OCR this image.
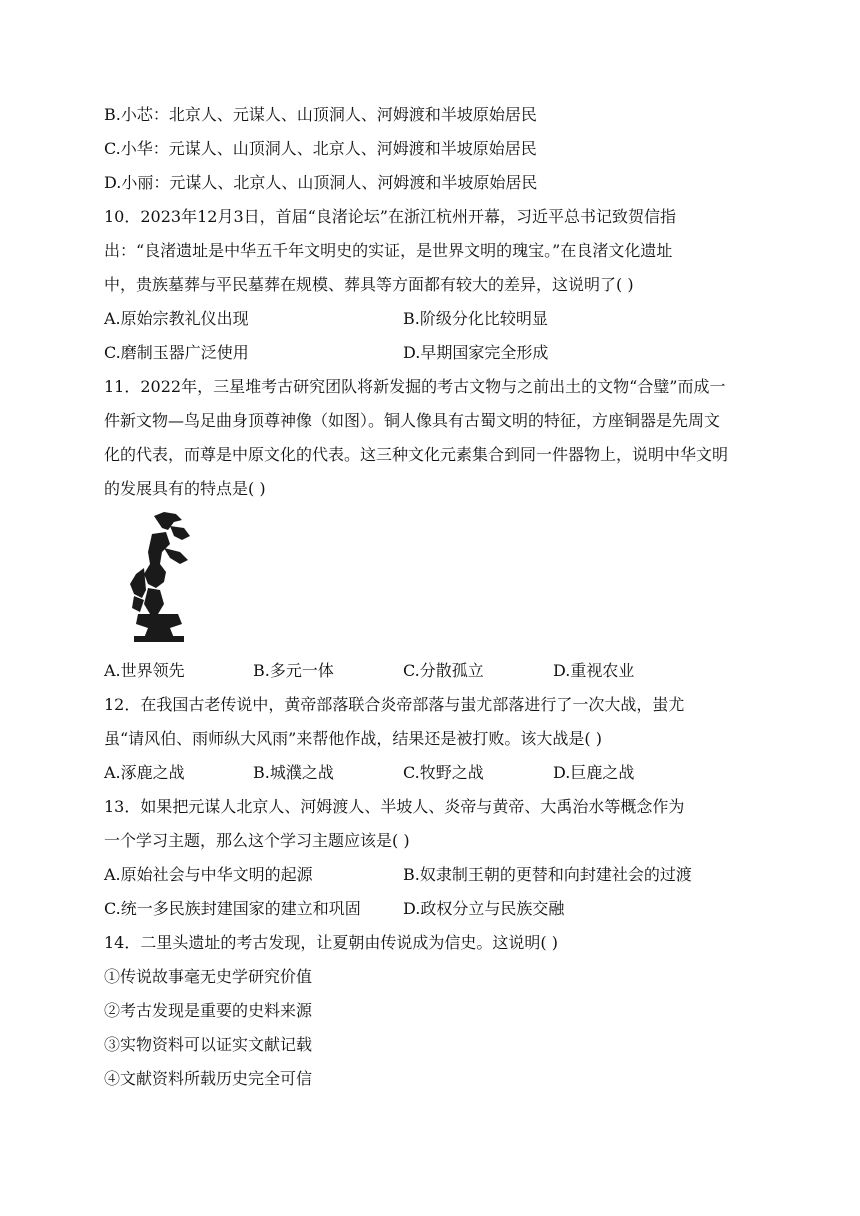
B.小芯：北京人、元谋人、山顶洞人、河姆渡和半坡原始居民
C.小华：元谋人、山顶洞人、北京人、河姆渡和半坡原始居民
D.小丽：元谋人、北京人、山顶洞人、河姆渡和半坡原始居民
10．2023年12月3日，首届“良渚论坛”在浙江杭州开幕，习近平总书记致贺信指
出：“良渚遗址是中华五千年文明史的实证，是世界文明的瑰宝。”在良渚文化遗址
中，贵族墓葬与平民墓葬在规模、葬具等方面都有较大的差异，这说明了( )
A.原始宗教礼仪出现	B.阶级分化比较明显
C.磨制玉器广泛使用	D.早期国家完全形成
11．2022年，三星堆考古研究团队将新发掘的考古文物与之前出土的文物“合璧”而成一
件新文物—鸟足曲身顶尊神像（如图）。铜人像具有古蜀文明的特征，方座铜器是先周文
化的代表，而尊是中原文化的代表。这三种文化元素集合到同一件器物上，说明中华文明
的发展具有的特点是( )
A.世界领先	B.多元一体	C.分散孤立	D.重视农业
12．在我国古老传说中，黄帝部落联合炎帝部落与蚩尤部落进行了一次大战，蚩尤
虽“请风伯、雨师纵大风雨”来帮他作战，结果还是被打败。该大战是( )
A.涿鹿之战	B.城濮之战	C.牧野之战	D.巨鹿之战
13．如果把元谋人北京人、河姆渡人、半坡人、炎帝与黄帝、大禹治水等概念作为
一个学习主题，那么这个学习主题应该是( )
A.原始社会与中华文明的起源	B.奴隶制王朝的更替和向封建社会的过渡
C.统一多民族封建国家的建立和巩固	D.政权分立与民族交融
14．二里头遗址的考古发现，让夏朝由传说成为信史。这说明( )
①传说故事毫无史学研究价值
②考古发现是重要的史料来源
③实物资料可以证实文献记载
④文献资料所载历史完全可信
